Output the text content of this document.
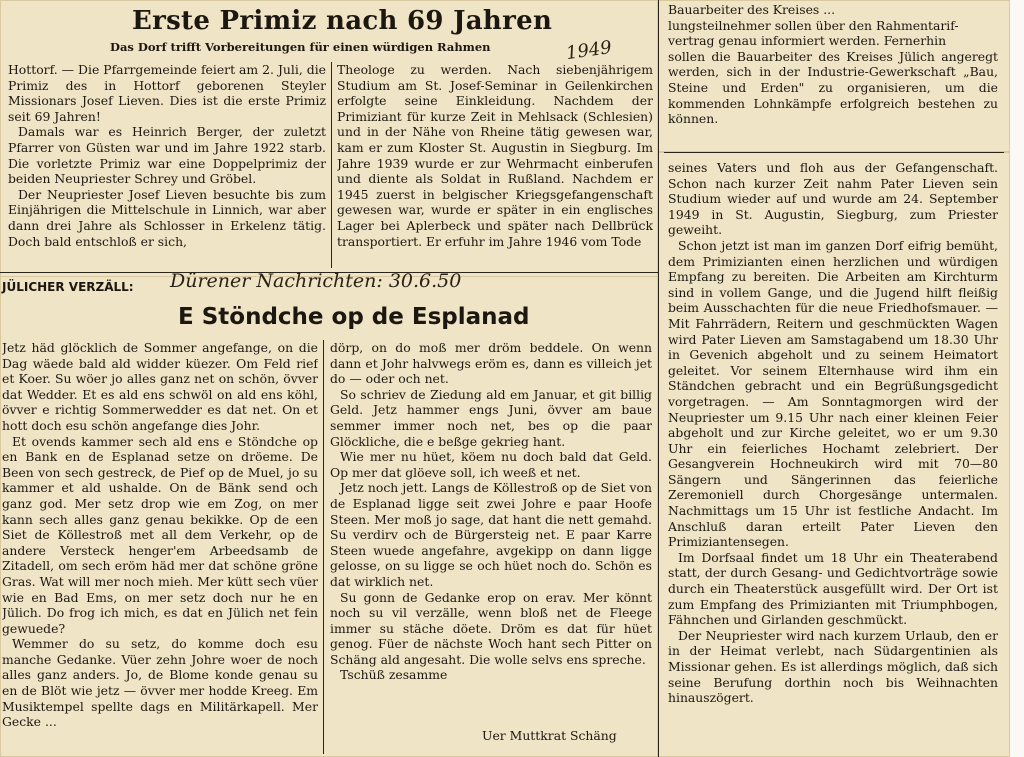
Erste Primiz nach 69 Jahren
Das Dorf trifft Vorbereitungen für einen würdigen Rahmen	1949

Hottorf. — Die Pfarrgemeinde feiert am 2. Juli, die Primiz des in Hottorf geborenen Steyler Missionars Josef Lieven. Dies ist die erste Primiz seit 69 Jahren!

Damals war es Heinrich Berger, der zuletzt Pfarrer von Güsten war und im Jahre 1922 starb. Die vorletzte Primiz war eine Doppelprimiz der beiden Neupriester Schrey und Gröbel.

Der Neupriester Josef Lieven besuchte bis zum Einjährigen die Mittelschule in Linnich, war aber dann drei Jahre als Schlosser in Erkelenz tätig. Doch bald entschloß er sich,

Theologe zu werden. Nach siebenjährigem Studium am St. Josef-Seminar in Geilenkirchen erfolgte seine Einkleidung. Nachdem der Primiziant für kurze Zeit in Mehlsack (Schlesien) und in der Nähe von Rheine tätig gewesen war, kam er zum Kloster St. Augustin in Siegburg. Im Jahre 1939 wurde er zur Wehrmacht einberufen und diente als Soldat in Rußland. Nachdem er 1945 zuerst in belgischer Kriegsgefangenschaft gewesen war, wurde er später in ein englisches Lager bei Aplerbeck und später nach Dellbrück transportiert. Er erfuhr im Jahre 1946 vom Tode

Bauarbeiter des Kreises ...

lungsteilnehmer sollen über den Rahmentarif-

vertrag genau informiert werden. Fernerhin

sollen die Bauarbeiter des Kreises Jülich angeregt werden, sich in der Industrie-Gewerkschaft „Bau, Steine und Erden" zu organisieren, um die kommenden Lohnkämpfe erfolgreich bestehen zu können.

seines Vaters und floh aus der Gefangenschaft. Schon nach kurzer Zeit nahm Pater Lieven sein Studium wieder auf und wurde am 24. September 1949 in St. Augustin, Siegburg, zum Priester geweiht.

Schon jetzt ist man im ganzen Dorf eifrig bemüht, dem Primizianten einen herzlichen und würdigen Empfang zu bereiten. Die Arbeiten am Kirchturm sind in vollem Gange, und die Jugend hilft fleißig beim Ausschachten für die neue Friedhofsmauer. — Mit Fahrrädern, Reitern und geschmückten Wagen wird Pater Lieven am Samstagabend um 18.30 Uhr in Gevenich abgeholt und zu seinem Heimatort geleitet. Vor seinem Elternhause wird ihm ein Ständchen gebracht und ein Begrüßungsgedicht vorgetragen. — Am Sonntagmorgen wird der Neupriester um 9.15 Uhr nach einer kleinen Feier abgeholt und zur Kirche geleitet, wo er um 9.30 Uhr ein feierliches Hochamt zelebriert. Der Gesangverein Hochneukirch wird mit 70—80 Sängern und Sängerinnen das feierliche Zeremoniell durch Chorgesänge untermalen. Nachmittags um 15 Uhr ist festliche Andacht. Im Anschluß daran erteilt Pater Lieven den Primiziantensegen.

Im Dorfsaal findet um 18 Uhr ein Theaterabend statt, der durch Gesang- und Gedichtvorträge sowie durch ein Theaterstück ausgefüllt wird. Der Ort ist zum Empfang des Primizianten mit Triumphbogen, Fähnchen und Girlanden geschmückt.

Der Neupriester wird nach kurzem Urlaub, den er in der Heimat verlebt, nach Südargentinien als Missionar gehen. Es ist allerdings möglich, daß sich seine Berufung dorthin noch bis Weihnachten hinauszögert.

JÜLICHER VERZÄLL: Dürener Nachrichten: 30.6.50
E Stöndche op de Esplanad

Jetz häd glöcklich de Sommer angefange, on die Dag wäede bald ald widder küezer. Om Feld rief et Koer. Su wöer jo alles ganz net on schön, övver dat Wedder. Et es ald ens schwöl on ald ens köhl, övver e richtig Sommerwedder es dat net. On et hott doch esu schön angefange dies Johr.

Et ovends kammer sech ald ens e Stöndche op en Bank en de Esplanad setze on dröeme. De Been von sech gestreck, de Pief op de Muel, jo su kammer et ald ushalde. On de Bänk send och ganz god. Mer setz drop wie em Zog, on mer kann sech alles ganz genau bekikke. Op de een Siet de Köllestroß met all dem Verkehr, op de andere Versteck henger'em Arbeedsamb de Zitadell, om sech eröm häd mer dat schöne gröne Gras. Wat will mer noch mieh. Mer kütt sech vüer wie en Bad Ems, on mer setz doch nur he en Jülich. Do frog ich mich, es dat en Jülich net fein gewuede?

Wemmer do su setz, do komme doch esu manche Gedanke. Vüer zehn Johre woer de noch alles ganz anders. Jo, de Blome konde genau su en de Blöt wie jetz — övver mer hodde Kreeg. Em Musiktempel spellte dags en Militärkapell. Mer Gecke ...

dörp, on do moß mer dröm beddele. On wenn dann et Johr halvwegs eröm es, dann es villeich jet do — oder och net.

So schriev de Ziedung ald em Januar, et git billig Geld. Jetz hammer engs Juni, övver am baue semmer immer noch net, bes op die paar Glöckliche, die e beßge gekrieg hant.

Wie mer nu hüet, köem nu doch bald dat Geld. Op mer dat glöeve soll, ich weeß et net.

Jetz noch jett. Langs de Köllestroß op de Siet von de Esplanad ligge seit zwei Johre e paar Hoofe Steen. Mer moß jo sage, dat hant die nett gemahd. Su verdirv och de Bürgersteig net. E paar Karre Steen wuede angefahre, avgekipp on dann ligge gelosse, on su ligge se och hüet noch do. Schön es dat wirklich net.

Su gonn de Gedanke erop on erav. Mer könnt noch su vil verzälle, wenn bloß net de Fleege immer su stäche döete. Dröm es dat für hüet genog. Füer de nächste Woch hant sech Pitter on Schäng ald angesaht. Die wolle selvs ens spreche.

Tschüß zesamme

Uer Muttkrat Schäng
